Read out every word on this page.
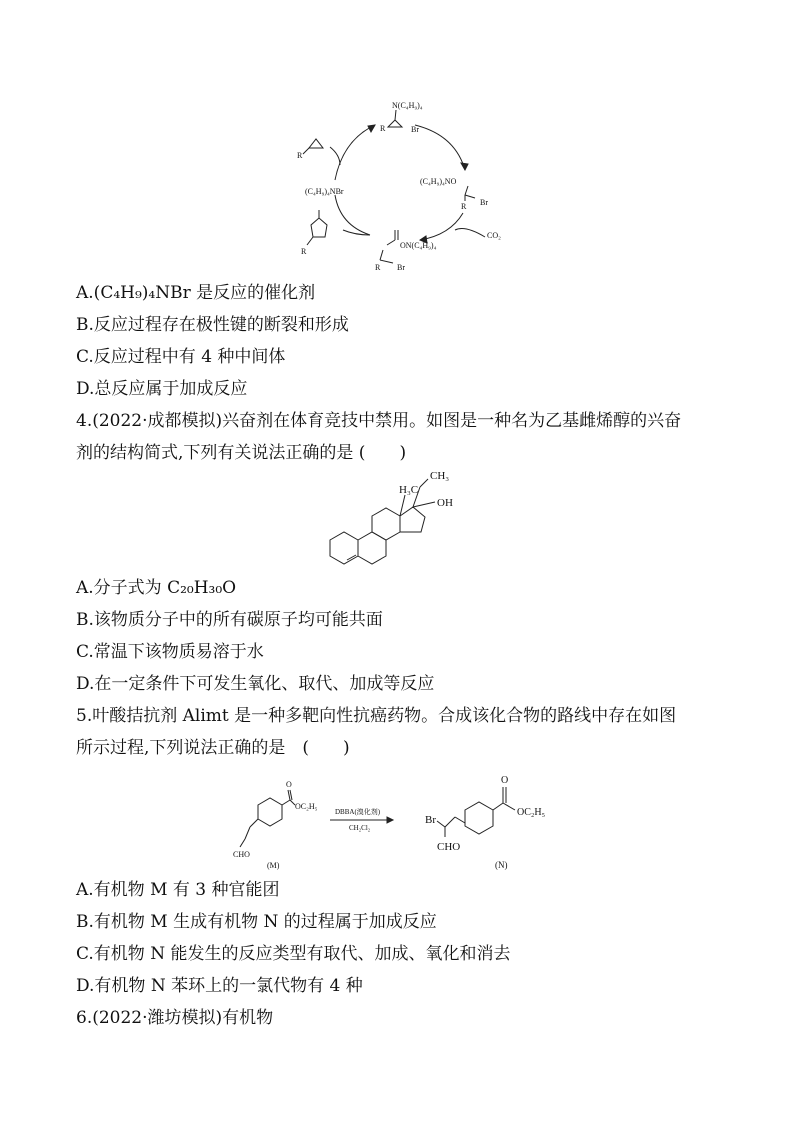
N(C₄H₉)₄
R	Br
R
(C₄H₉)₄NO
R Br
CO₂
ON(C₄H₉)₄
R Br
(C₄H₉)₄NBr
R
A.(C₄H₉)₄NBr 是反应的催化剂
B.反应过程存在极性键的断裂和形成
C.反应过程中有 4 种中间体
D.总反应属于加成反应
4.(2022·成都模拟)兴奋剂在体育竞技中禁用。如图是一种名为乙基雌烯醇的兴奋
剂的结构简式,下列有关说法正确的是 (　　)
H₃C
CH₃
OH
A.分子式为 C₂₀H₃₀O
B.该物质分子中的所有碳原子均可能共面
C.常温下该物质易溶于水
D.在一定条件下可发生氧化、取代、加成等反应
5.叶酸拮抗剂 Alimt 是一种多靶向性抗癌药物。合成该化合物的路线中存在如图
所示过程,下列说法正确的是　(　　)
O
OC₂H₅
CHO
(M)
DBBA(溴化剂)
CH₂Cl₂
Br
CHO
O
OC₂H₅
(N)
A.有机物 M 有 3 种官能团
B.有机物 M 生成有机物 N 的过程属于加成反应
C.有机物 N 能发生的反应类型有取代、加成、氧化和消去
D.有机物 N 苯环上的一氯代物有 4 种
6.(2022·潍坊模拟)有机物
